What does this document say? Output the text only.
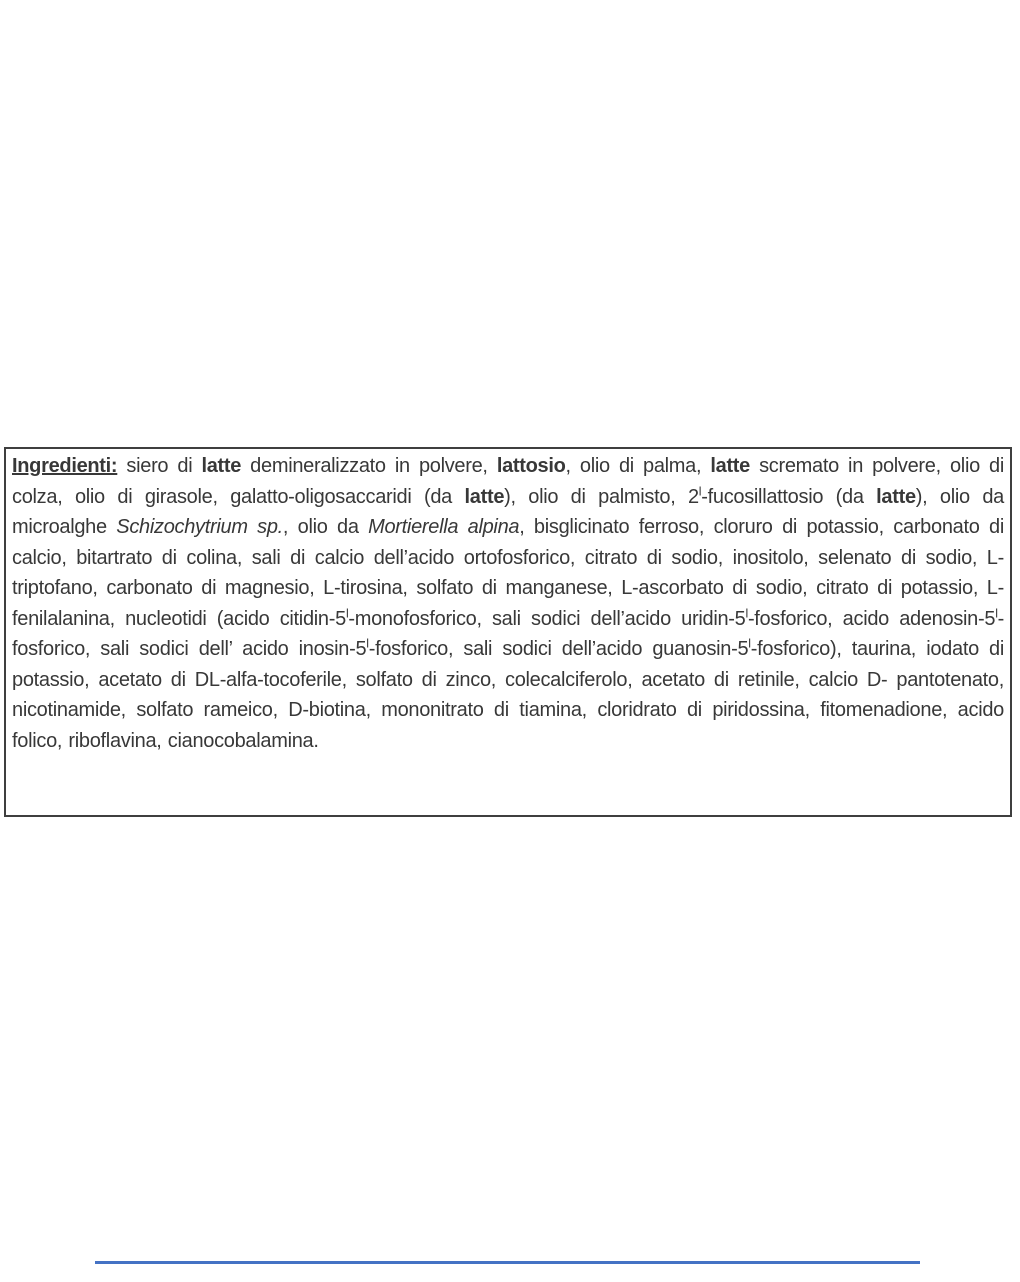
Ingredienti: siero di latte demineralizzato in polvere, lattosio, olio di palma, latte scremato in polvere, olio di colza, olio di girasole, galatto-oligosaccaridi (da latte), olio di palmisto, 2$^l$-fucosillattosio (da latte), olio da microalghe Schizochytrium sp., olio da Mortierella alpina, bisglicinato ferroso, cloruro di potassio, carbonato di calcio, bitartrato di colina, sali di calcio dell’acido ortofosforico, citrato di sodio, inositolo, selenato di sodio, L- triptofano, carbonato di magnesio, L-tirosina, solfato di manganese, L-ascorbato di sodio, citrato di potassio, L-fenilalanina, nucleotidi (acido citidin-5$^l$-monofosforico, sali sodici dell’acido uridin-5$^l$-fosforico, acido adenosin-5$^l$-fosforico, sali sodici dell’ acido inosin-5$^l$-fosforico, sali sodici dell’acido guanosin-5$^l$-fosforico), taurina, iodato di potassio, acetato di DL-alfa-tocoferile, solfato di zinco, colecalciferolo, acetato di retinile, calcio D- pantotenato, nicotinamide, solfato rameico, D-biotina, mononitrato di tiamina, cloridrato di piridossina, fitomenadione, acido folico, riboflavina, cianocobalamina.
